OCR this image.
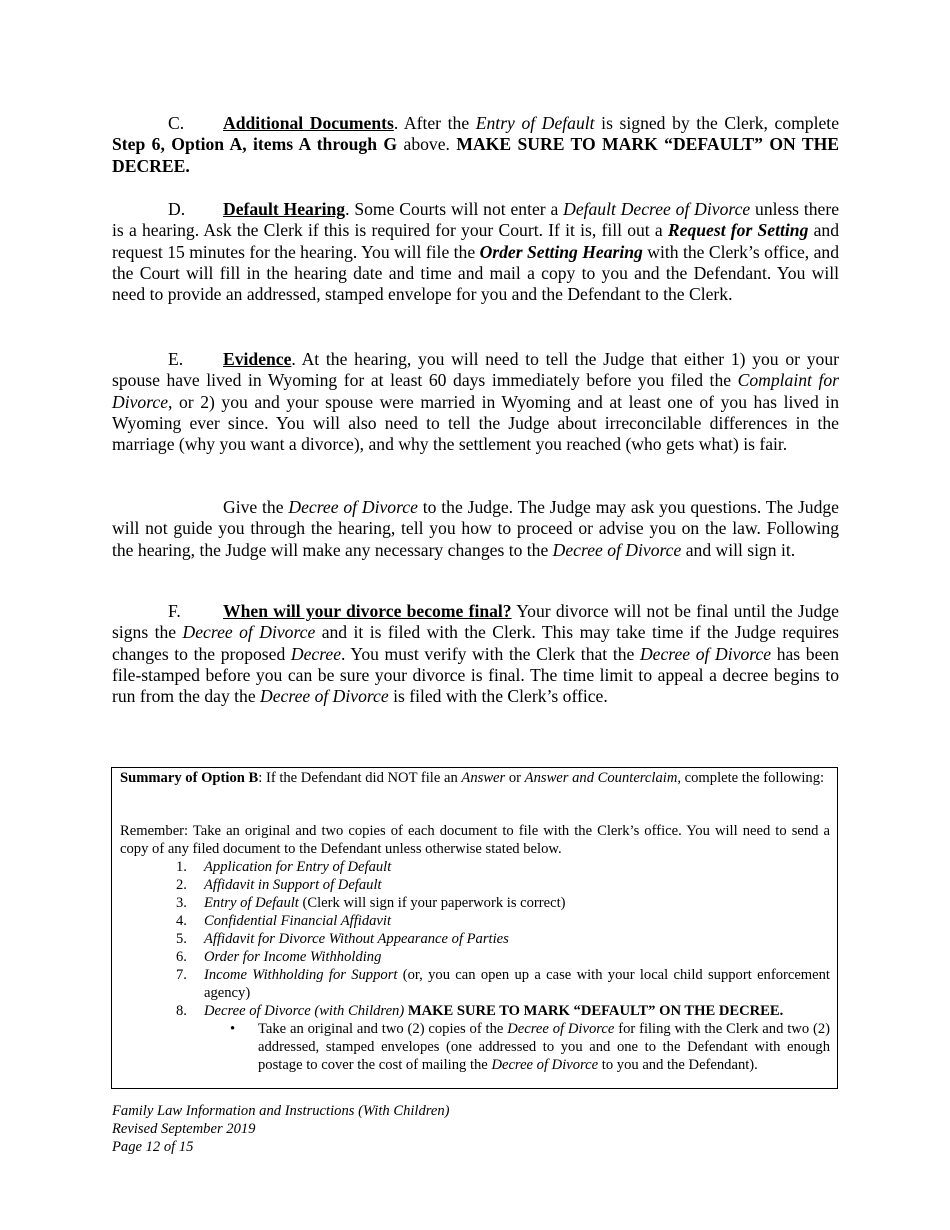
C. Additional Documents. After the Entry of Default is signed by the Clerk, complete Step 6, Option A, items A through G above. MAKE SURE TO MARK “DEFAULT” ON THE DECREE.

D. Default Hearing. Some Courts will not enter a Default Decree of Divorce unless there is a hearing. Ask the Clerk if this is required for your Court. If it is, fill out a Request for Setting and request 15 minutes for the hearing. You will file the Order Setting Hearing with the Clerk’s office, and the Court will fill in the hearing date and time and mail a copy to you and the Defendant. You will need to provide an addressed, stamped envelope for you and the Defendant to the Clerk.

E. Evidence. At the hearing, you will need to tell the Judge that either 1) you or your spouse have lived in Wyoming for at least 60 days immediately before you filed the Complaint for Divorce, or 2) you and your spouse were married in Wyoming and at least one of you has lived in Wyoming ever since. You will also need to tell the Judge about irreconcilable differences in the marriage (why you want a divorce), and why the settlement you reached (who gets what) is fair.

Give the Decree of Divorce to the Judge. The Judge may ask you questions. The Judge will not guide you through the hearing, tell you how to proceed or advise you on the law. Following the hearing, the Judge will make any necessary changes to the Decree of Divorce and will sign it.

F. When will your divorce become final? Your divorce will not be final until the Judge signs the Decree of Divorce and it is filed with the Clerk. This may take time if the Judge requires changes to the proposed Decree. You must verify with the Clerk that the Decree of Divorce has been file-stamped before you can be sure your divorce is final. The time limit to appeal a decree begins to run from the day the Decree of Divorce is filed with the Clerk’s office.

Summary of Option B: If the Defendant did NOT file an Answer or Answer and Counterclaim, complete the following:

Remember: Take an original and two copies of each document to file with the Clerk’s office. You will need to send a copy of any filed document to the Defendant unless otherwise stated below.

1.	Application for Entry of Default
2.	Affidavit in Support of Default
3.	Entry of Default (Clerk will sign if your paperwork is correct)
4.	Confidential Financial Affidavit
5.	Affidavit for Divorce Without Appearance of Parties
6.	Order for Income Withholding
7.	Income Withholding for Support (or, you can open up a case with your local child support enforcement agency)
8.	Decree of Divorce (with Children) MAKE SURE TO MARK “DEFAULT” ON THE DECREE.
• Take an original and two (2) copies of the Decree of Divorce for filing with the Clerk and two (2) addressed, stamped envelopes (one addressed to you and one to the Defendant with enough postage to cover the cost of mailing the Decree of Divorce to you and the Defendant).
Family Law Information and Instructions (With Children)
Revised September 2019
Page 12 of 15
